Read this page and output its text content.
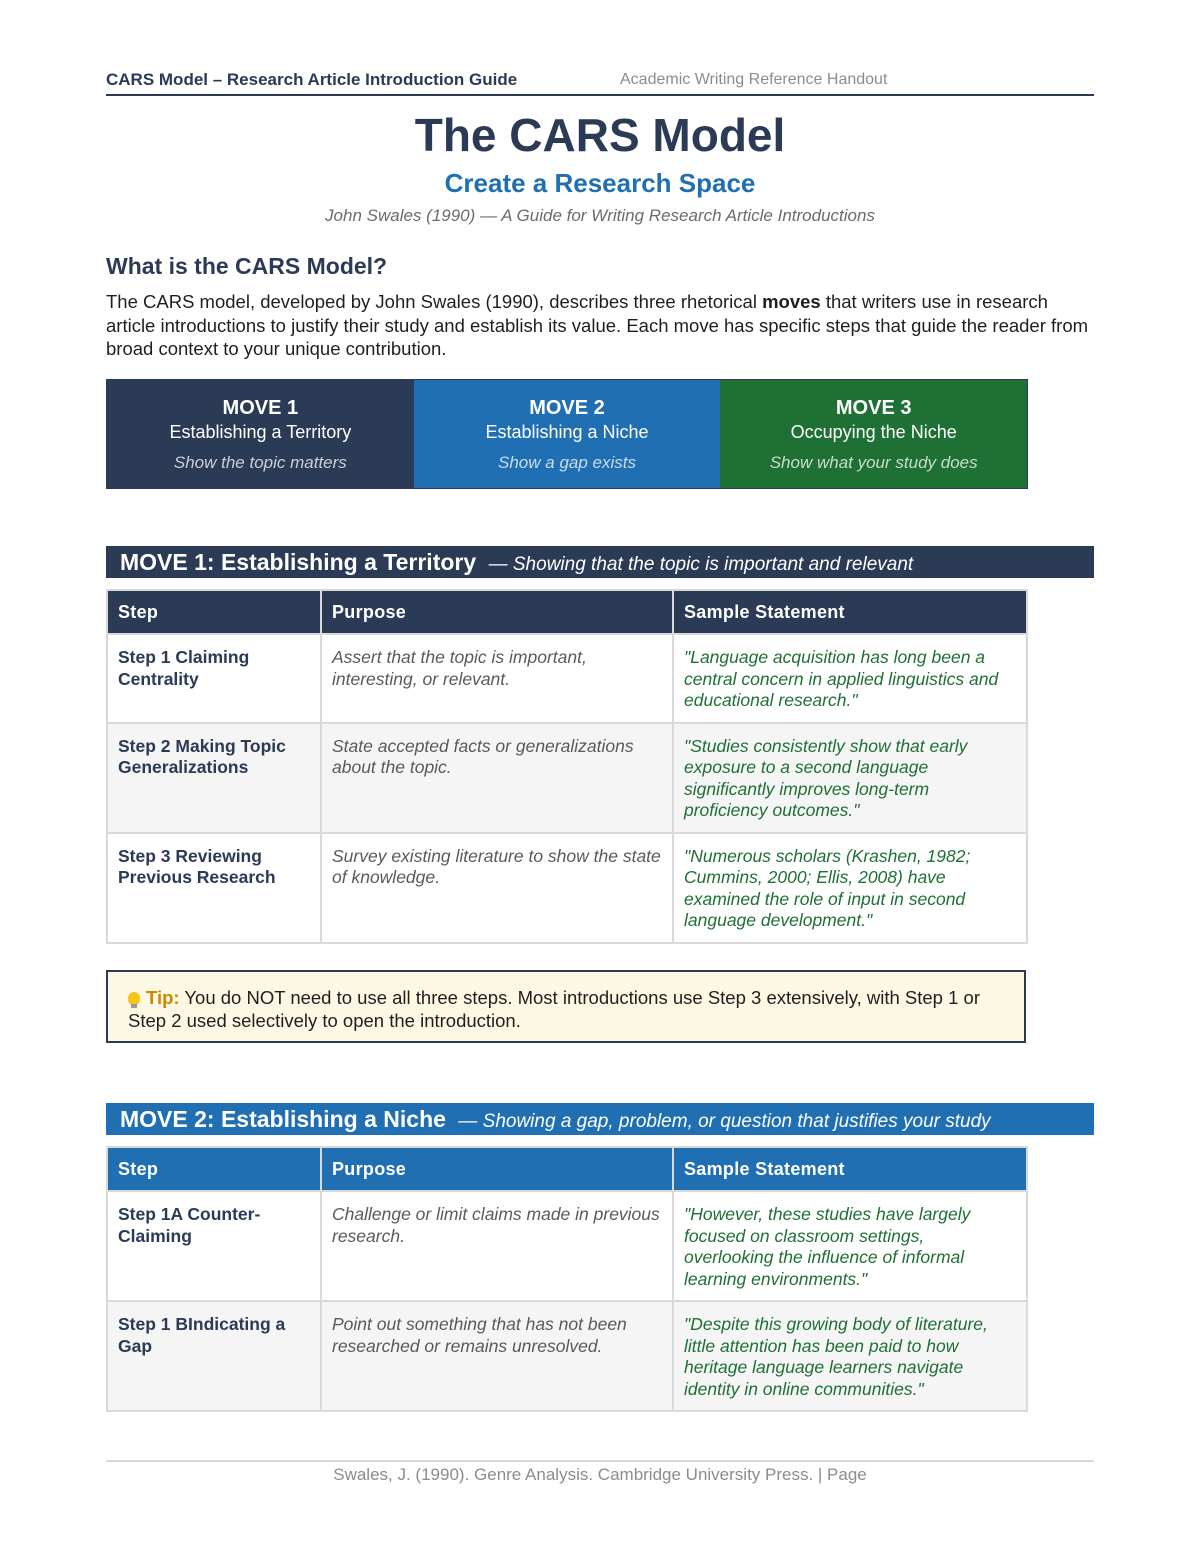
CARS Model – Research Article Introduction Guide	Academic Writing Reference Handout
The CARS Model
Create a Research Space
John Swales (1990) — A Guide for Writing Research Article Introductions
What is the CARS Model?
The CARS model, developed by John Swales (1990), describes three rhetorical moves that writers use in research article introductions to justify their study and establish its value. Each move has specific steps that guide the reader from broad context to your unique contribution.
MOVE 1
Establishing a Territory
Show the topic matters
MOVE 2
Establishing a Niche
Show a gap exists
MOVE 3
Occupying the Niche
Show what your study does
MOVE 1: Establishing a Territory — Showing that the topic is important and relevant
Step	Purpose	Sample Statement
Step 1 Claiming Centrality	Assert that the topic is important, interesting, or relevant.	"Language acquisition has long been a central concern in applied linguistics and educational research."
Step 2 Making Topic Generalizations	State accepted facts or generalizations about the topic.	"Studies consistently show that early exposure to a second language significantly improves long-term proficiency outcomes."
Step 3 Reviewing Previous Research	Survey existing literature to show the state of knowledge.	"Numerous scholars (Krashen, 1982; Cummins, 2000; Ellis, 2008) have examined the role of input in second language development."
Tip: You do NOT need to use all three steps. Most introductions use Step 3 extensively, with Step 1 or Step 2 used selectively to open the introduction.
MOVE 2: Establishing a Niche — Showing a gap, problem, or question that justifies your study
Step	Purpose	Sample Statement
Step 1A Counter-Claiming	Challenge or limit claims made in previous research.	"However, these studies have largely focused on classroom settings, overlooking the influence of informal learning environments."
Step 1 BIndicating a Gap	Point out something that has not been researched or remains unresolved.	"Despite this growing body of literature, little attention has been paid to how heritage language learners navigate identity in online communities."
Swales, J. (1990). Genre Analysis. Cambridge University Press. | Page
